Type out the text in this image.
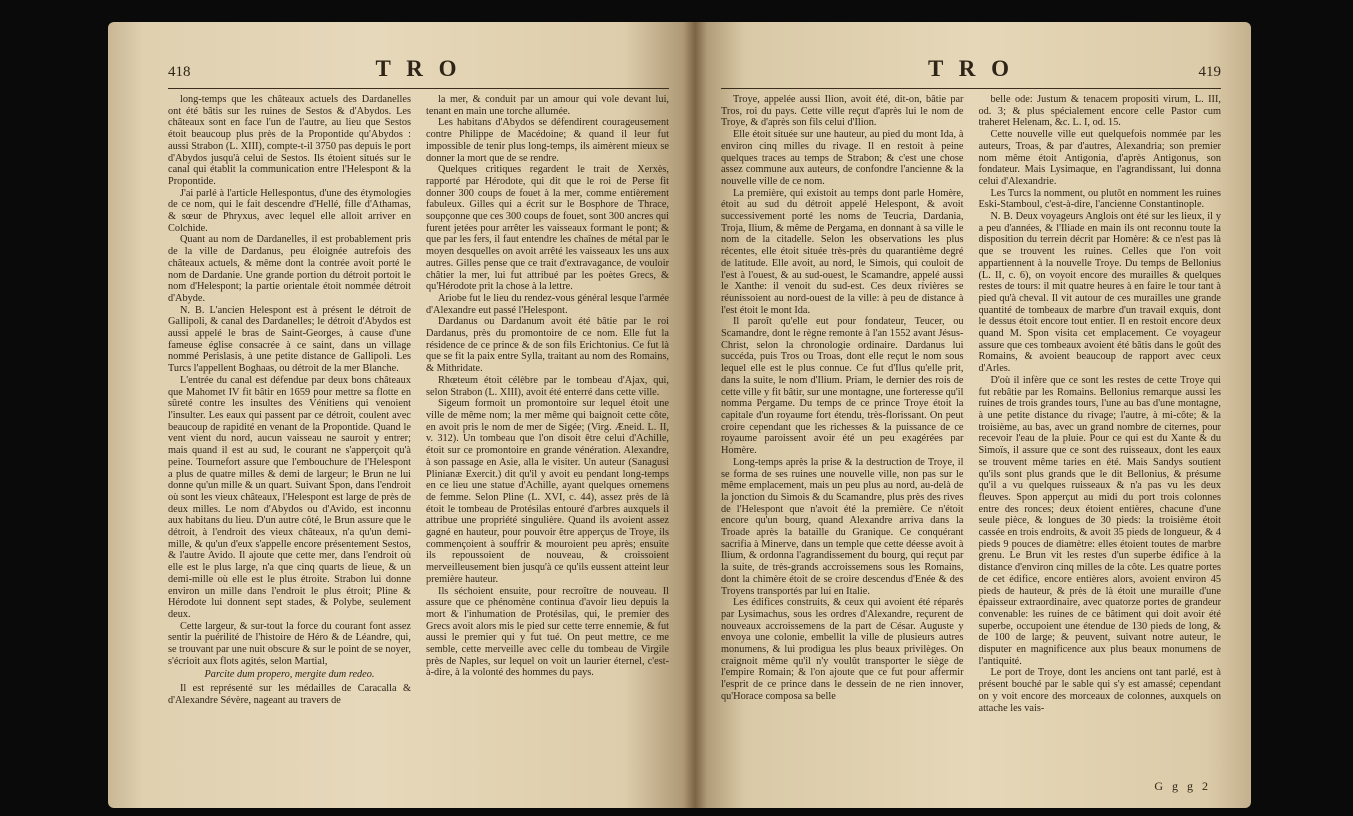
418	T R O

long-temps que les châteaux actuels des Dardanelles ont été bâtis sur les ruines de Sestos & d'Abydos. Les châteaux sont en face l'un de l'autre, au lieu que Sestos étoit beaucoup plus près de la Propontide qu'Abydos : aussi Strabon (L. XIII), compte-t-il 3750 pas depuis le port d'Abydos jusqu'à celui de Sestos. Ils étoient situés sur le canal qui établit la communication entre l'Helespont & la Propontide.

J'ai parlé à l'article Hellespontus, d'une des étymologies de ce nom, qui le fait descendre d'Hellé, fille d'Athamas, & sœur de Phryxus, avec lequel elle alloit arriver en Colchide.

Quant au nom de Dardanelles, il est probablement pris de la ville de Dardanus, peu éloignée autrefois des châteaux actuels, & même dont la contrée avoit porté le nom de Dardanie. Une grande portion du détroit portoit le nom d'Helespont; la partie orientale étoit nommée détroit d'Abyde.

N. B. L'ancien Helespont est à présent le détroit de Gallipoli, & canal des Dardanelles; le détroit d'Abydos est aussi appelé le bras de Saint-Georges, à cause d'une fameuse église consacrée à ce saint, dans un village nommé Perislasis, à une petite distance de Gallipoli. Les Turcs l'appellent Boghaas, ou détroit de la mer Blanche.

L'entrée du canal est défendue par deux bons châteaux que Mahomet IV fit bâtir en 1659 pour mettre sa flotte en sûreté contre les insultes des Vénitiens qui venoient l'insulter. Les eaux qui passent par ce détroit, coulent avec beaucoup de rapidité en venant de la Propontide. Quand le vent vient du nord, aucun vaisseau ne sauroit y entrer; mais quand il est au sud, le courant ne s'apperçoit qu'à peine. Tournefort assure que l'embouchure de l'Helespont a plus de quatre milles & demi de largeur; le Brun ne lui donne qu'un mille & un quart. Suivant Spon, dans l'endroit où sont les vieux châteaux, l'Helespont est large de près de deux milles. Le nom d'Abydos ou d'Avido, est inconnu aux habitans du lieu. D'un autre côté, le Brun assure que le détroit, à l'endroit des vieux châteaux, n'a qu'un demi-mille, & qu'un d'eux s'appelle encore présentement Sestos, & l'autre Avido. Il ajoute que cette mer, dans l'endroit où elle est le plus large, n'a que cinq quarts de lieue, & un demi-mille où elle est le plus étroite. Strabon lui donne environ un mille dans l'endroit le plus étroit; Pline & Hérodote lui donnent sept stades, & Polybe, seulement deux.

Cette largeur, & sur-tout la force du courant font assez sentir la puérilité de l'histoire de Héro & de Léandre, qui, se trouvant par une nuit obscure & sur le point de se noyer, s'écrioit aux flots agités, selon Martial,

Parcite dum propero, mergite dum redeo.

Il est représenté sur les médailles de Caracalla & d'Alexandre Sévère, nageant au travers de

la mer, & conduit par un amour qui vole devant lui, tenant en main une torche allumée.

Les habitans d'Abydos se défendirent courageusement contre Philippe de Macédoine; & quand il leur fut impossible de tenir plus long-temps, ils aimèrent mieux se donner la mort que de se rendre.

Quelques critiques regardent le trait de Xerxès, rapporté par Hérodote, qui dit que le roi de Perse fit donner 300 coups de fouet à la mer, comme entièrement fabuleux. Gilles qui a écrit sur le Bosphore de Thrace, soupçonne que ces 300 coups de fouet, sont 300 ancres qui furent jetées pour arrêter les vaisseaux formant le pont; & que par les fers, il faut entendre les chaînes de métal par le moyen desquelles on avoit arrêté les vaisseaux les uns aux autres. Gilles pense que ce trait d'extravagance, de vouloir châtier la mer, lui fut attribué par les poètes Grecs, & qu'Hérodote prit la chose à la lettre.

Ariobe fut le lieu du rendez-vous général lesque l'armée d'Alexandre eut passé l'Helespont.

Dardanus ou Dardanum avoit été bâtie par le roi Dardanus, près du promontoire de ce nom. Elle fut la résidence de ce prince & de son fils Erichtonius. Ce fut là que se fit la paix entre Sylla, traitant au nom des Romains, & Mithridate.

Rhœteum étoit célèbre par le tombeau d'Ajax, qui, selon Strabon (L. XIII), avoit été enterré dans cette ville.

Sigeum formoit un promontoire sur lequel étoit une ville de même nom; la mer même qui baignoit cette côte, en avoit pris le nom de mer de Sigée; (Virg. Æneid. L. II, v. 312). Un tombeau que l'on disoit être celui d'Achille, étoit sur ce promontoire en grande vénération. Alexandre, à son passage en Asie, alla le visiter. Un auteur (Sanagusi Plinianæ Exercit.) dit qu'il y avoit eu pendant long-temps en ce lieu une statue d'Achille, ayant quelques ornemens de femme. Selon Pline (L. XVI, c. 44), assez près de là étoit le tombeau de Protésilas entouré d'arbres auxquels il attribue une propriété singulière. Quand ils avoient assez gagné en hauteur, pour pouvoir être apperçus de Troye, ils commençoient à souffrir & mouroient peu après; ensuite ils repoussoient de nouveau, & croissoient merveilleusement bien jusqu'à ce qu'ils eussent atteint leur première hauteur.

Ils séchoient ensuite, pour recroître de nouveau. Il assure que ce phénomène continua d'avoir lieu depuis la mort & l'inhumation de Protésilas, qui, le premier des Grecs avoit alors mis le pied sur cette terre ennemie, & fut aussi le premier qui y fut tué. On peut mettre, ce me semble, cette merveille avec celle du tombeau de Virgile près de Naples, sur lequel on voit un laurier éternel, c'est-à-dire, à la volonté des hommes du pays.

T R O	419

Troye, appelée aussi Ilion, avoit été, dit-on, bâtie par Tros, roi du pays. Cette ville reçut d'après lui le nom de Troye, & d'après son fils celui d'Ilion.

Elle étoit située sur une hauteur, au pied du mont Ida, à environ cinq milles du rivage. Il en restoit à peine quelques traces au temps de Strabon; & c'est une chose assez commune aux auteurs, de confondre l'ancienne & la nouvelle ville de ce nom.

La première, qui existoit au temps dont parle Homère, étoit au sud du détroit appelé Helespont, & avoit successivement porté les noms de Teucria, Dardania, Troja, Ilium, & même de Pergama, en donnant à sa ville le nom de la citadelle. Selon les observations les plus récentes, elle étoit située très-près du quarantième degré de latitude. Elle avoit, au nord, le Simois, qui couloit de l'est à l'ouest, & au sud-ouest, le Scamandre, appelé aussi le Xanthe: il venoit du sud-est. Ces deux rivières se réunissoient au nord-ouest de la ville: à peu de distance à l'est étoit le mont Ida.

Il paroît qu'elle eut pour fondateur, Teucer, ou Scamandre, dont le règne remonte à l'an 1552 avant Jésus-Christ, selon la chronologie ordinaire. Dardanus lui succéda, puis Tros ou Troas, dont elle reçut le nom sous lequel elle est le plus connue. Ce fut d'Ilus qu'elle prit, dans la suite, le nom d'Ilium. Priam, le dernier des rois de cette ville y fit bâtir, sur une montagne, une forteresse qu'il nomma Pergame. Du temps de ce prince Troye étoit la capitale d'un royaume fort étendu, très-florissant. On peut croire cependant que les richesses & la puissance de ce royaume paroissent avoir été un peu exagérées par Homère.

Long-temps après la prise & la destruction de Troye, il se forma de ses ruines une nouvelle ville, non pas sur le même emplacement, mais un peu plus au nord, au-delà de la jonction du Simois & du Scamandre, plus près des rives de l'Helespont que n'avoit été la première. Ce n'étoit encore qu'un bourg, quand Alexandre arriva dans la Troade après la bataille du Granique. Ce conquérant sacrifia à Minerve, dans un temple que cette déesse avoit à Ilium, & ordonna l'agrandissement du bourg, qui reçut par la suite, de très-grands accroissemens sous les Romains, dont la chimère étoit de se croire descendus d'Enée & des Troyens transportés par lui en Italie.

Les édifices construits, & ceux qui avoient été réparés par Lysimachus, sous les ordres d'Alexandre, reçurent de nouveaux accroissemens de la part de César. Auguste y envoya une colonie, embellit la ville de plusieurs autres monumens, & lui prodigua les plus beaux privilèges. On craignoit même qu'il n'y voulût transporter le siège de l'empire Romain; & l'on ajoute que ce fut pour affermir l'esprit de ce prince dans le dessein de ne rien innover, qu'Horace composa sa belle

belle ode: Justum & tenacem propositi virum, L. III, od. 3; & plus spécialement encore celle Pastor cum traheret Helenam, &c. L. I, od. 15.

Cette nouvelle ville eut quelquefois nommée par les auteurs, Troas, & par d'autres, Alexandria; son premier nom même étoit Antigonia, d'après Antigonus, son fondateur. Mais Lysimaque, en l'agrandissant, lui donna celui d'Alexandrie.

Les Turcs la nomment, ou plutôt en nomment les ruines Eski-Stamboul, c'est-à-dire, l'ancienne Constantinople.

N. B. Deux voyageurs Anglois ont été sur les lieux, il y a peu d'années, & l'Iliade en main ils ont reconnu toute la disposition du terrein décrit par Homère: & ce n'est pas là que se trouvent les ruines. Celles que l'on voit appartiennent à la nouvelle Troye. Du temps de Bellonius (L. II, c. 6), on voyoit encore des murailles & quelques restes de tours: il mit quatre heures à en faire le tour tant à pied qu'à cheval. Il vit autour de ces murailles une grande quantité de tombeaux de marbre d'un travail exquis, dont le dessus étoit encore tout entier. Il en restoit encore deux quand M. Spon visita cet emplacement. Ce voyageur assure que ces tombeaux avoient été bâtis dans le goût des Romains, & avoient beaucoup de rapport avec ceux d'Arles.

D'où il infère que ce sont les restes de cette Troye qui fut rebâtie par les Romains. Bellonius remarque aussi les ruines de trois grandes tours, l'une au bas d'une montagne, à une petite distance du rivage; l'autre, à mi-côte; & la troisième, au bas, avec un grand nombre de citernes, pour recevoir l'eau de la pluie. Pour ce qui est du Xante & du Simoïs, il assure que ce sont des ruisseaux, dont les eaux se trouvent même taries en été. Mais Sandys soutient qu'ils sont plus grands que le dit Bellonius, & présume qu'il a vu quelques ruisseaux & n'a pas vu les deux fleuves. Spon apperçut au midi du port trois colonnes entre des ronces; deux étoient entières, chacune d'une seule pièce, & longues de 30 pieds: la troisième étoit cassée en trois endroits, & avoit 35 pieds de longueur, & 4 pieds 9 pouces de diamètre: elles étoient toutes de marbre grenu. Le Brun vit les restes d'un superbe édifice à la distance d'environ cinq milles de la côte. Les quatre portes de cet édifice, encore entières alors, avoient environ 45 pieds de hauteur, & près de là étoit une muraille d'une épaisseur extraordinaire, avec quatorze portes de grandeur convenable: les ruines de ce bâtiment qui doit avoir été superbe, occupoient une étendue de 130 pieds de long, & de 100 de large; & peuvent, suivant notre auteur, le disputer en magnificence aux plus beaux monumens de l'antiquité.

Le port de Troye, dont les anciens ont tant parlé, est à présent bouché par le sable qui s'y est amassé; cependant on y voit encore des morceaux de colonnes, auxquels on attache les vais-

G g g 2
